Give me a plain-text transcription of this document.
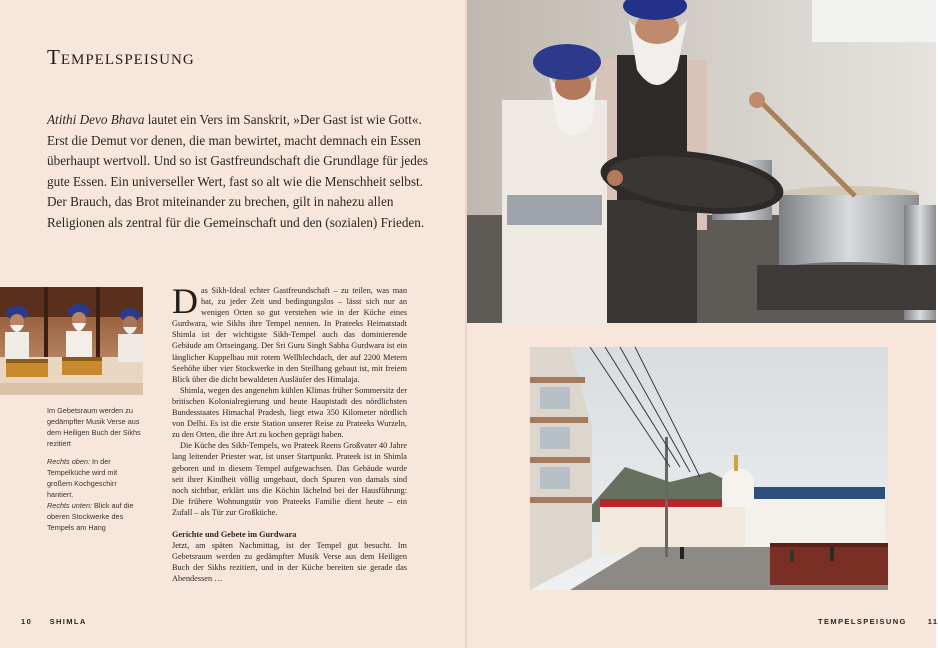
Tempelspeisung
Atithi Devo Bhava lautet ein Vers im Sanskrit, »Der Gast ist wie Gott«. Erst die Demut vor denen, die man bewirtet, macht demnach ein Essen überhaupt wertvoll. Und so ist Gastfreundschaft die Grundlage für jedes gute Essen. Ein universeller Wert, fast so alt wie die Menschheit selbst. Der Brauch, das Brot miteinander zu brechen, gilt in nahezu allen Religionen als zentral für die Gemeinschaft und den (sozialen) Frieden.

Im Gebetsraum werden zu gedämpfter Musik Verse aus dem Heiligen Buch der Sikhs rezitiert

Rechts oben: In der Tempelküche wird mit großem Kochgeschirr hantiert.
Rechts unten: Blick auf die oberen Stockwerke des Tempels am Hang

Das Sikh-Ideal echter Gastfreundschaft – zu teilen, was man hat, zu jeder Zeit und bedingungslos – lässt sich nur an wenigen Orten so gut verstehen wie in der Küche eines Gurdwara, wie Sikhs ihre Tempel nennen. In Prateeks Heimatstadt Shimla ist der wichtigste Sikh-Tempel auch das dominierende Gebäude am Ortseingang. Der Sri Guru Singh Sabha Gurdwara ist ein länglicher Kuppelbau mit rotem Wellblechdach, der auf 2200 Metern Seehöhe über vier Stockwerke in den Steilhang gebaut ist, mit freiem Blick über die dicht bewaldeten Ausläufer des Himalaja.

Shimla, wegen des angenehm kühlen Klimas früher Sommersitz der britischen Kolonialregierung und heute Hauptstadt des nördlichsten Bundesstaates Himachal Pradesh, liegt etwa 350 Kilometer nördlich von Delhi. Es ist die erste Station unserer Reise zu Prateeks Wurzeln, zu den Orten, die ihre Art zu kochen geprägt haben.

Die Küche des Sikh-Tempels, wo Prateek Reens Großvater 40 Jahre lang leitender Priester war, ist unser Startpunkt. Prateek ist in Shimla geboren und in diesem Tempel aufgewachsen. Das Gebäude wurde seit ihrer Kindheit völlig umgebaut, doch Spuren von damals sind noch sichtbar, erklärt uns die Köchin lächelnd bei der Hausführung: Die frühere Wohnungstür von Prateeks Familie dient heute – ein Zufall – als Tür zur Großküche.

Gerichte und Gebete im Gurdwara

Jetzt, am späten Nachmittag, ist der Tempel gut besucht. Im Gebetsraum werden zu gedämpfter Musik Verse aus dem Heiligen Buch der Sikhs rezitiert, und in der Küche bereiten sie gerade das Abendessen …

10 SHIMLA	TEMPELSPEISUNG	11
